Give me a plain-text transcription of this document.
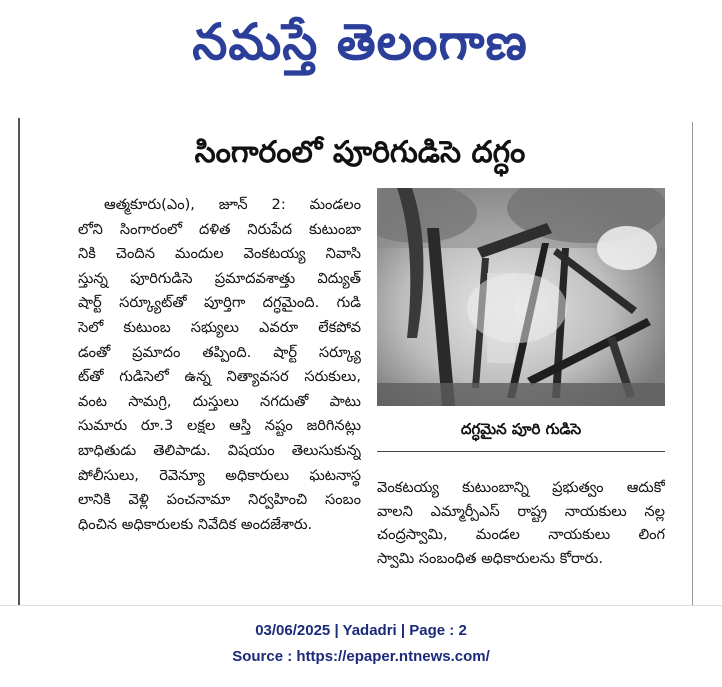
నమస్తే తెలంగాణ
సింగారంలో పూరిగుడిసె దగ్ధం
ఆత్మకూరు(ఎం), జూన్ 2: మండలం
లోని సింగారంలో దళిత నిరుపేద కుటుంబా
నికి చెందిన మందుల వెంకటయ్య నివాసి
స్తున్న పూరిగుడిసె ప్రమాదవశాత్తు విద్యుత్
షార్ట్ సర్క్యూట్‌తో పూర్తిగా దగ్ధమైంది. గుడి
సెలో కుటుంబ సభ్యులు ఎవరూ లేకపోవ
డంతో ప్రమాదం తప్పింది. షార్ట్ సర్క్యూ
ట్‌తో గుడిసెలో ఉన్న నిత్యావసర సరుకులు,
వంట సామగ్రి, దుస్తులు నగదుతో పాటు
సుమారు రూ.3 లక్షల ఆస్తి నష్టం జరిగినట్లు
బాధితుడు తెలిపాడు. విషయం తెలుసుకున్న
పోలీసులు, రెవెన్యూ అధికారులు ఘటనాస్థ
లానికి వెళ్లి పంచనామా నిర్వహించి సంబం
ధించిన అధికారులకు నివేదిక అందజేశారు.
దగ్ధమైన పూరి గుడిసె
వెంకటయ్య కుటుంబాన్ని ప్రభుత్వం ఆదుకో
వాలని ఎమ్మార్పీఎస్ రాష్ట్ర నాయకులు నల్ల
చంద్రస్వామి, మండల నాయకులు లింగ
స్వామి సంబంధిత అధికారులను కోరారు.
03/06/2025 | Yadadri | Page : 2
Source : https://epaper.ntnews.com/
